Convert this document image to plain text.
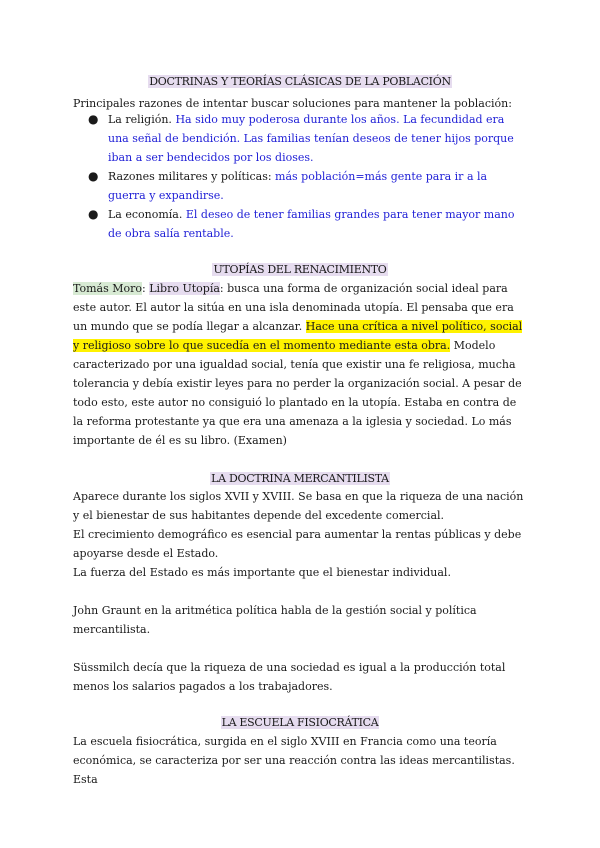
DOCTRINAS Y TEORÍAS CLÁSICAS DE LA POBLACIÓN

Principales razones de intentar buscar soluciones para mantener la población:

● La religión. Ha sido muy poderosa durante los años. La fecundidad era una señal de bendición. Las familias tenían deseos de tener hijos porque iban a ser bendecidos por los dioses.
● Razones militares y políticas: más población=más gente para ir a la guerra y expandirse.
● La economía. El deseo de tener familias grandes para tener mayor mano de obra salía rentable.
UTOPÍAS DEL RENACIMIENTO

Tomás Moro: Libro Utopía: busca una forma de organización social ideal para este autor. El autor la sitúa en una isla denominada utopía. El pensaba que era un mundo que se podía llegar a alcanzar. Hace una crítica a nivel político, social y religioso sobre lo que sucedía en el momento mediante esta obra. Modelo caracterizado por una igualdad social, tenía que existir una fe religiosa, mucha tolerancia y debía existir leyes para no perder la organización social. A pesar de todo esto, este autor no consiguió lo plantado en la utopía. Estaba en contra de la reforma protestante ya que era una amenaza a la iglesia y sociedad. Lo más importante de él es su libro. (Examen)

LA DOCTRINA MERCANTILISTA

Aparece durante los siglos XVII y XVIII. Se basa en que la riqueza de una nación y el bienestar de sus habitantes depende del excedente comercial.

El crecimiento demográfico es esencial para aumentar la rentas públicas y debe apoyarse desde el Estado.

La fuerza del Estado es más importante que el bienestar individual.

John Graunt en la aritmética política habla de la gestión social y política mercantilista.

Süssmilch decía que la riqueza de una sociedad es igual a la producción total menos los salarios pagados a los trabajadores.

LA ESCUELA FISIOCRÁTICA

La escuela fisiocrática, surgida en el siglo XVIII en Francia como una teoría económica, se caracteriza por ser una reacción contra las ideas mercantilistas. Esta
